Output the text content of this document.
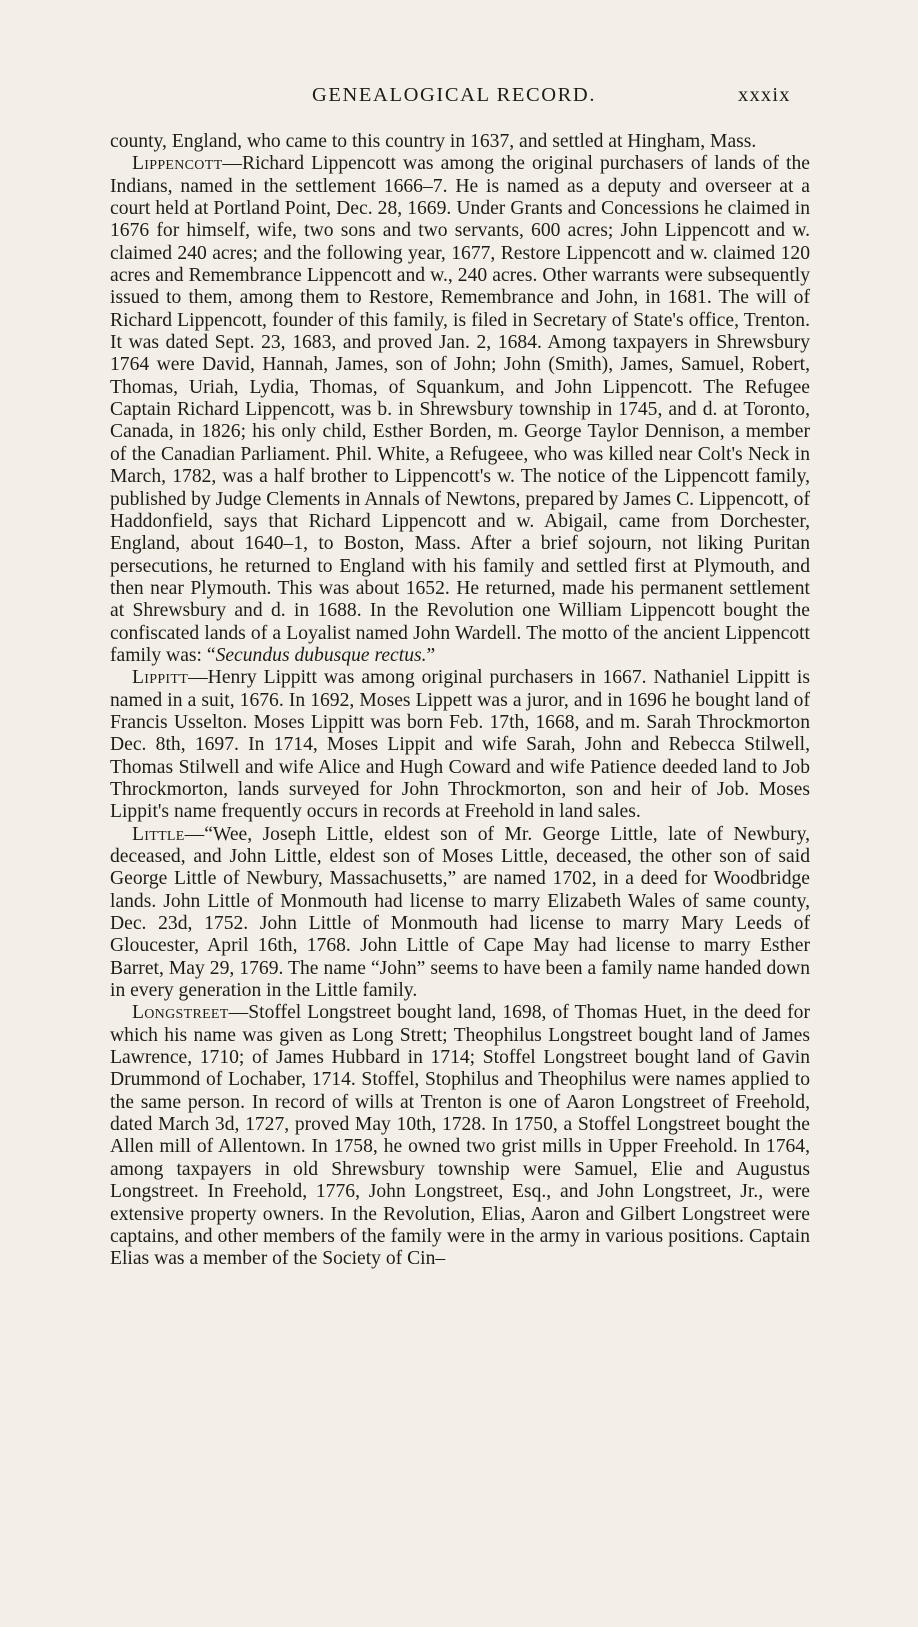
GENEALOGICAL RECORD.	xxxix

county, England, who came to this country in 1637, and settled at Hingham, Mass.

Lippencott—Richard Lippencott was among the original purchasers of lands of the Indians, named in the settlement 1666–7. He is named as a deputy and overseer at a court held at Portland Point, Dec. 28, 1669. Under Grants and Concessions he claimed in 1676 for himself, wife, two sons and two servants, 600 acres; John Lippencott and w. claimed 240 acres; and the following year, 1677, Restore Lippencott and w. claimed 120 acres and Remembrance Lippencott and w., 240 acres. Other warrants were subsequently issued to them, among them to Restore, Remembrance and John, in 1681. The will of Richard Lippencott, founder of this family, is filed in Secretary of State's office, Trenton. It was dated Sept. 23, 1683, and proved Jan. 2, 1684. Among taxpayers in Shrewsbury 1764 were David, Hannah, James, son of John; John (Smith), James, Samuel, Robert, Thomas, Uriah, Lydia, Thomas, of Squankum, and John Lippencott. The Refugee Captain Richard Lippencott, was b. in Shrewsbury township in 1745, and d. at Toronto, Canada, in 1826; his only child, Esther Borden, m. George Taylor Dennison, a member of the Canadian Parliament. Phil. White, a Refugeee, who was killed near Colt's Neck in March, 1782, was a half brother to Lippencott's w. The notice of the Lippencott family, published by Judge Clements in Annals of Newtons, prepared by James C. Lippencott, of Haddonfield, says that Richard Lippencott and w. Abigail, came from Dorchester, England, about 1640–1, to Boston, Mass. After a brief sojourn, not liking Puritan persecutions, he returned to England with his family and settled first at Plymouth, and then near Plymouth. This was about 1652. He returned, made his permanent settlement at Shrewsbury and d. in 1688. In the Revolution one William Lippencott bought the confiscated lands of a Loyalist named John Wardell. The motto of the ancient Lippencott family was: “Secundus dubusque rectus.”

Lippitt—Henry Lippitt was among original purchasers in 1667. Nathaniel Lippitt is named in a suit, 1676. In 1692, Moses Lippett was a juror, and in 1696 he bought land of Francis Usselton. Moses Lippitt was born Feb. 17th, 1668, and m. Sarah Throckmorton Dec. 8th, 1697. In 1714, Moses Lippit and wife Sarah, John and Rebecca Stilwell, Thomas Stilwell and wife Alice and Hugh Coward and wife Patience deeded land to Job Throckmorton, lands surveyed for John Throckmorton, son and heir of Job. Moses Lippit's name frequently occurs in records at Freehold in land sales.

Little—“Wee, Joseph Little, eldest son of Mr. George Little, late of Newbury, deceased, and John Little, eldest son of Moses Little, deceased, the other son of said George Little of Newbury, Massachusetts,” are named 1702, in a deed for Woodbridge lands. John Little of Monmouth had license to marry Elizabeth Wales of same county, Dec. 23d, 1752. John Little of Monmouth had license to marry Mary Leeds of Gloucester, April 16th, 1768. John Little of Cape May had license to marry Esther Barret, May 29, 1769. The name “John” seems to have been a family name handed down in every generation in the Little family.

Longstreet—Stoffel Longstreet bought land, 1698, of Thomas Huet, in the deed for which his name was given as Long Strett; Theophilus Longstreet bought land of James Lawrence, 1710; of James Hubbard in 1714; Stoffel Longstreet bought land of Gavin Drummond of Lochaber, 1714. Stoffel, Stophilus and Theophilus were names applied to the same person. In record of wills at Trenton is one of Aaron Longstreet of Freehold, dated March 3d, 1727, proved May 10th, 1728. In 1750, a Stoffel Longstreet bought the Allen mill of Allentown. In 1758, he owned two grist mills in Upper Freehold. In 1764, among taxpayers in old Shrewsbury township were Samuel, Elie and Augustus Longstreet. In Freehold, 1776, John Longstreet, Esq., and John Longstreet, Jr., were extensive property owners. In the Revolution, Elias, Aaron and Gilbert Longstreet were captains, and other members of the family were in the army in various positions. Captain Elias was a member of the Society of Cin–
